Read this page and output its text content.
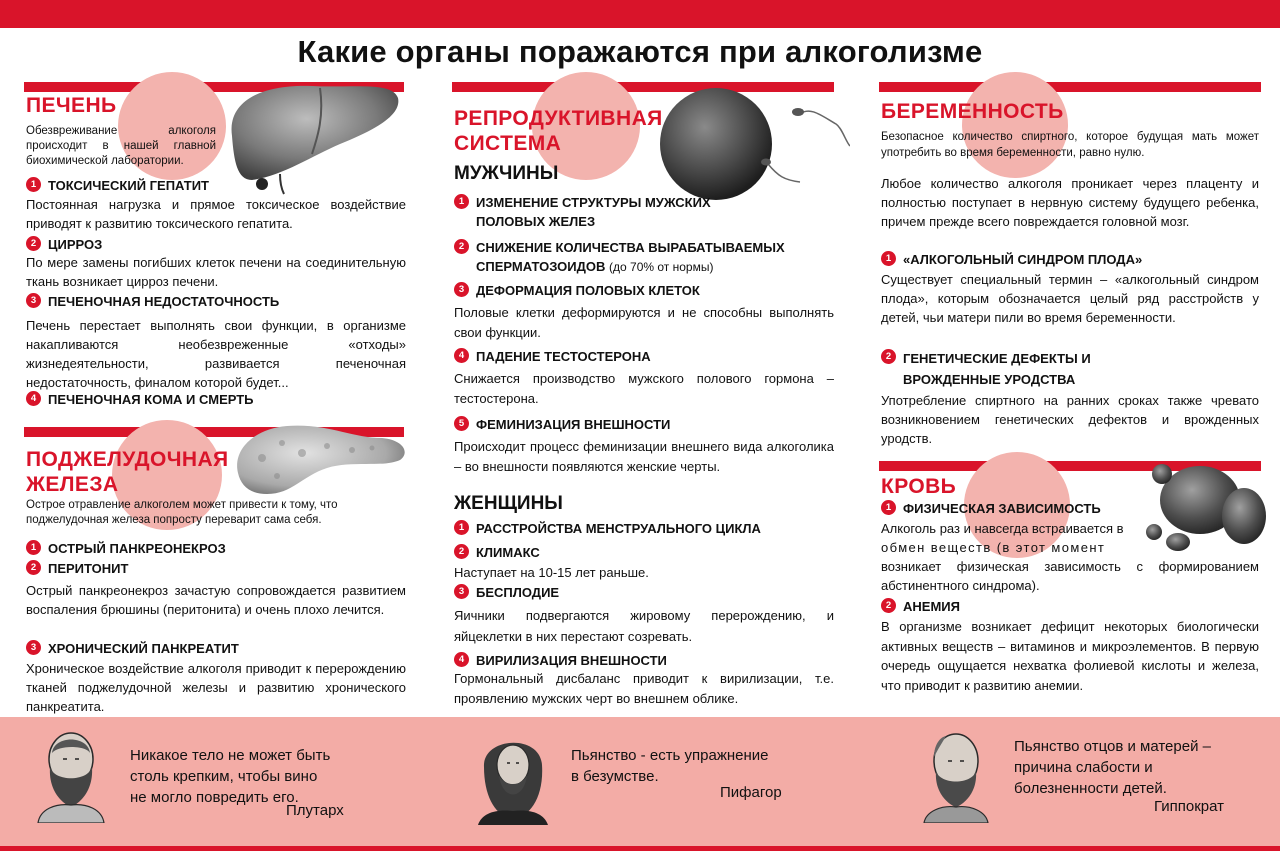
Какие органы поражаются при алкоголизме
ПЕЧЕНЬ
Обезвреживание алкоголя происходит в нашей главной биохимической лаборатории.
1 ТОКСИЧЕСКИЙ ГЕПАТИТ
Постоянная нагрузка и прямое токсическое воздействие приводят к развитию токсического гепатита.
2 ЦИРРОЗ
По мере замены погибших клеток печени на соединительную ткань возникает цирроз печени.
3 ПЕЧЕНОЧНАЯ НЕДОСТАТОЧНОСТЬ
Печень перестает выполнять свои функции, в организме накапливаются необезвреженные «отходы» жизнедеятельности, развивается печеночная недостаточность, финалом которой будет...
4 ПЕЧЕНОЧНАЯ КОМА И СМЕРТЬ
ПОДЖЕЛУДОЧНАЯ
ЖЕЛЕЗА
Острое отравление алкоголем может привести к тому, что поджелудочная железа попросту переварит сама себя.
1 ОСТРЫЙ ПАНКРЕОНЕКРОЗ
2 ПЕРИТОНИТ
Острый панкреонекроз зачастую сопровождается развитием воспаления брюшины (перитонита) и очень плохо лечится.
3 ХРОНИЧЕСКИЙ ПАНКРЕАТИТ
Хроническое воздействие алкоголя приводит к перерождению тканей поджелудочной железы и развитию хронического панкреатита.
РЕПРОДУКТИВНАЯ
СИСТЕМА
МУЖЧИНЫ
1 ИЗМЕНЕНИЕ СТРУКТУРЫ МУЖСКИХ
ПОЛОВЫХ ЖЕЛЕЗ
2 СНИЖЕНИЕ КОЛИЧЕСТВА ВЫРАБАТЫВАЕМЫХ
СПЕРМАТОЗОИДОВ (до 70% от нормы)
3 ДЕФОРМАЦИЯ ПОЛОВЫХ КЛЕТОК
Половые клетки деформируются и не способны выполнять свои функции.
4 ПАДЕНИЕ ТЕСТОСТЕРОНА
Снижается производство мужского полового гормона – тестостерона.
5 ФЕМИНИЗАЦИЯ ВНЕШНОСТИ
Происходит процесс феминизации внешнего вида алкоголика – во внешности появляются женские черты.
ЖЕНЩИНЫ
1 РАССТРОЙСТВА МЕНСТРУАЛЬНОГО ЦИКЛА
2 КЛИМАКС
Наступает на 10-15 лет раньше.
3 БЕСПЛОДИЕ
Яичники подвергаются жировому перерождению, и яйцеклетки в них перестают созревать.
4 ВИРИЛИЗАЦИЯ ВНЕШНОСТИ
Гормональный дисбаланс приводит к вирилизации, т.е. проявлению мужских черт во внешнем облике.
БЕРЕМЕННОСТЬ
Безопасное количество спиртного, которое будущая мать может употребить во время беременности, равно нулю.
Любое количество алкоголя проникает через плаценту и полностью поступает в нервную систему будущего ребенка, причем прежде всего повреждается головной мозг.
1 «АЛКОГОЛЬНЫЙ СИНДРОМ ПЛОДА»
Существует специальный термин – «алкогольный синдром плода», которым обозначается целый ряд расстройств у детей, чьи матери пили во время беременности.
2 ГЕНЕТИЧЕСКИЕ ДЕФЕКТЫ И
ВРОЖДЕННЫЕ УРОДСТВА
Употребление спиртного на ранних сроках также чревато возникновением генетических дефектов и врожденных уродств.
КРОВЬ
1 ФИЗИЧЕСКАЯ ЗАВИСИМОСТЬ
Алкоголь раз и навсегда встраивается в
обмен веществ (в этот момент
возникает физическая зависимость с формированием абстинентного синдрома).
2 АНЕМИЯ
В организме возникает дефицит некоторых биологически активных веществ – витаминов и микроэлементов. В первую очередь ощущается нехватка фолиевой кислоты и железа, что приводит к развитию анемии.
Никакое тело не может быть
столь крепким, чтобы вино
не могло повредить его.
Плутарх
Пьянство - есть упражнение
в безумстве.
Пифагор
Пьянство отцов и матерей –
причина слабости и
болезненности детей.
Гиппократ
